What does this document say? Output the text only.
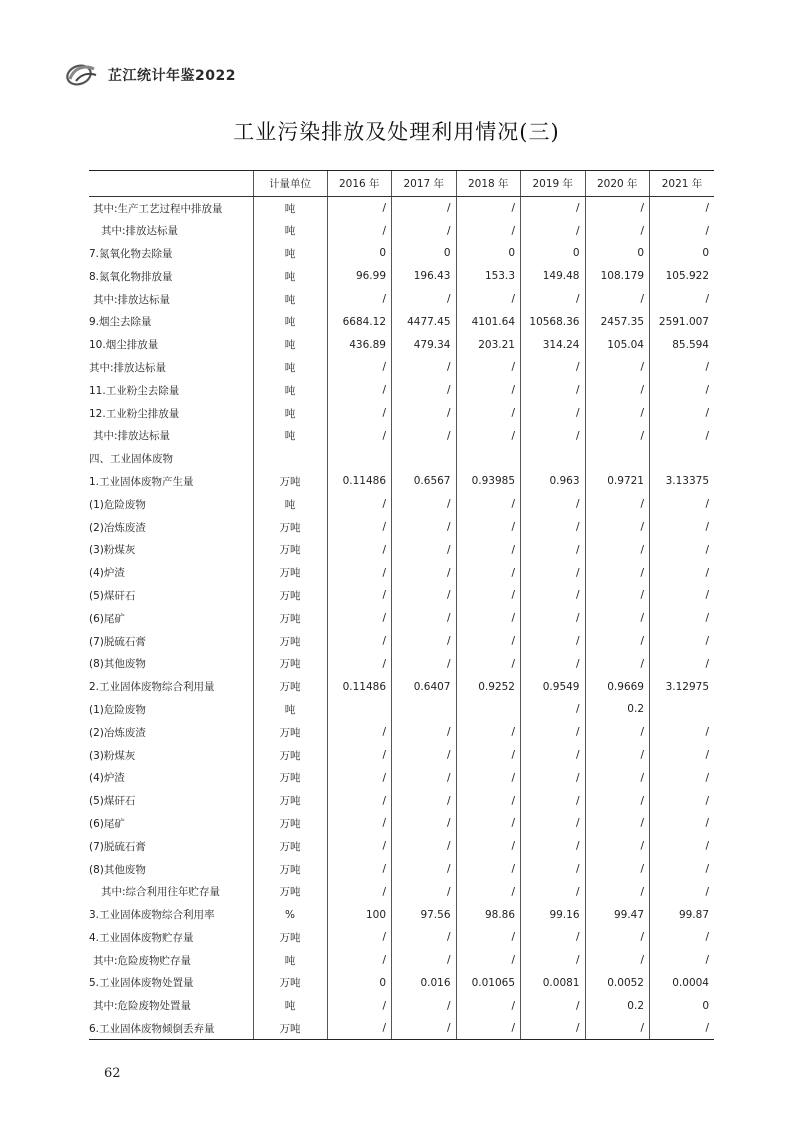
芷江统计年鉴2022
工业污染排放及处理利用情况(三)
	计量单位	2016 年	2017 年	2018 年	2019 年	2020 年	2021 年
其中:生产工艺过程中排放量	吨	/	/	/	/	/	/
其中:排放达标量	吨	/	/	/	/	/	/
7.氮氧化物去除量	吨	0	0	0	0	0	0
8.氮氧化物排放量	吨	96.99	196.43	153.3	149.48	108.179	105.922
其中:排放达标量	吨	/	/	/	/	/	/
9.烟尘去除量	吨	6684.12	4477.45	4101.64	10568.36	2457.35	2591.007
10.烟尘排放量	吨	436.89	479.34	203.21	314.24	105.04	85.594
其中:排放达标量	吨	/	/	/	/	/	/
11.工业粉尘去除量	吨	/	/	/	/	/	/
12.工业粉尘排放量	吨	/	/	/	/	/	/
其中:排放达标量	吨	/	/	/	/	/	/
四、工业固体废物							
1.工业固体废物产生量	万吨	0.11486	0.6567	0.93985	0.963	0.9721	3.13375
(1)危险废物	吨	/	/	/	/	/	/
(2)冶炼废渣	万吨	/	/	/	/	/	/
(3)粉煤灰	万吨	/	/	/	/	/	/
(4)炉渣	万吨	/	/	/	/	/	/
(5)煤矸石	万吨	/	/	/	/	/	/
(6)尾矿	万吨	/	/	/	/	/	/
(7)脱硫石膏	万吨	/	/	/	/	/	/
(8)其他废物	万吨	/	/	/	/	/	/
2.工业固体废物综合利用量	万吨	0.11486	0.6407	0.9252	0.9549	0.9669	3.12975
(1)危险废物	吨				/	0.2	
(2)冶炼废渣	万吨	/	/	/	/	/	/
(3)粉煤灰	万吨	/	/	/	/	/	/
(4)炉渣	万吨	/	/	/	/	/	/
(5)煤矸石	万吨	/	/	/	/	/	/
(6)尾矿	万吨	/	/	/	/	/	/
(7)脱硫石膏	万吨	/	/	/	/	/	/
(8)其他废物	万吨	/	/	/	/	/	/
其中:综合利用往年贮存量	万吨	/	/	/	/	/	/
3.工业固体废物综合利用率	%	100	97.56	98.86	99.16	99.47	99.87
4.工业固体废物贮存量	万吨	/	/	/	/	/	/
其中:危险废物贮存量	吨	/	/	/	/	/	/
5.工业固体废物处置量	万吨	0	0.016	0.01065	0.0081	0.0052	0.0004
其中:危险废物处置量	吨	/	/	/	/	0.2	0
6.工业固体废物倾倒丢弃量	万吨	/	/	/	/	/	/
62
